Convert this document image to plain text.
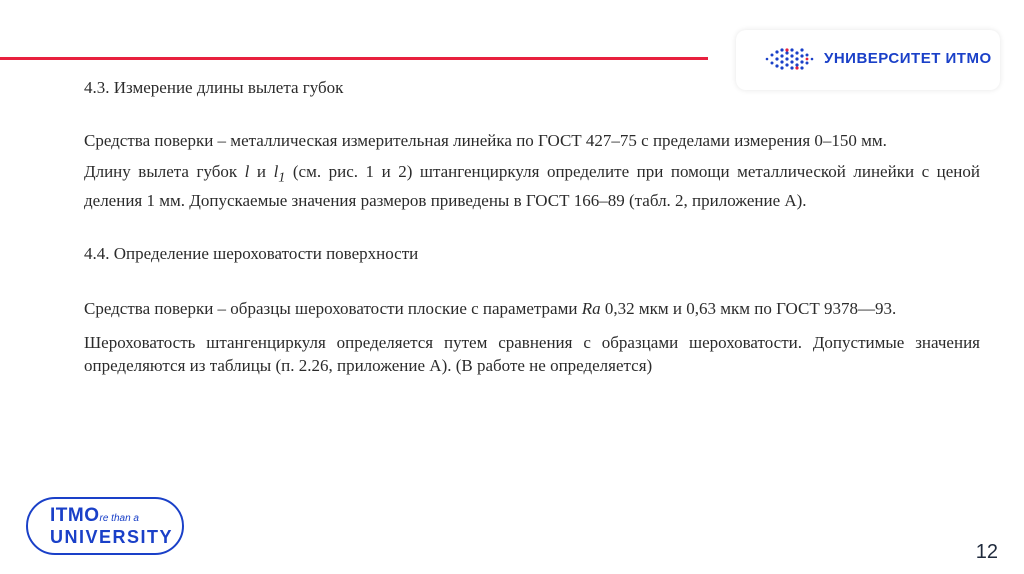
УНИВЕРСИТЕТ ИТМО

4.3. Измерение длины вылета губок

Средства поверки – металлическая измерительная линейка по ГОСТ 427–75 с пределами измерения 0–150 мм.

Длину вылета губок l и $l_1$ (см. рис. 1 и 2) штангенциркуля определите при помощи металлической линейки с ценой деления 1 мм. Допускаемые значения размеров приведены в ГОСТ 166–89 (табл. 2, приложение А).

4.4. Определение шероховатости поверхности

Средства поверки – образцы шероховатости плоские с параметрами Ra 0,32 мкм и 0,63 мкм по ГОСТ 9378—93.

Шероховатость штангенциркуля определяется путем сравнения с образцами шероховатости. Допустимые значения определяются из таблицы (п. 2.26, приложение А). (В работе не определяется)

ITMOre than a
UNIVERSITY
12
